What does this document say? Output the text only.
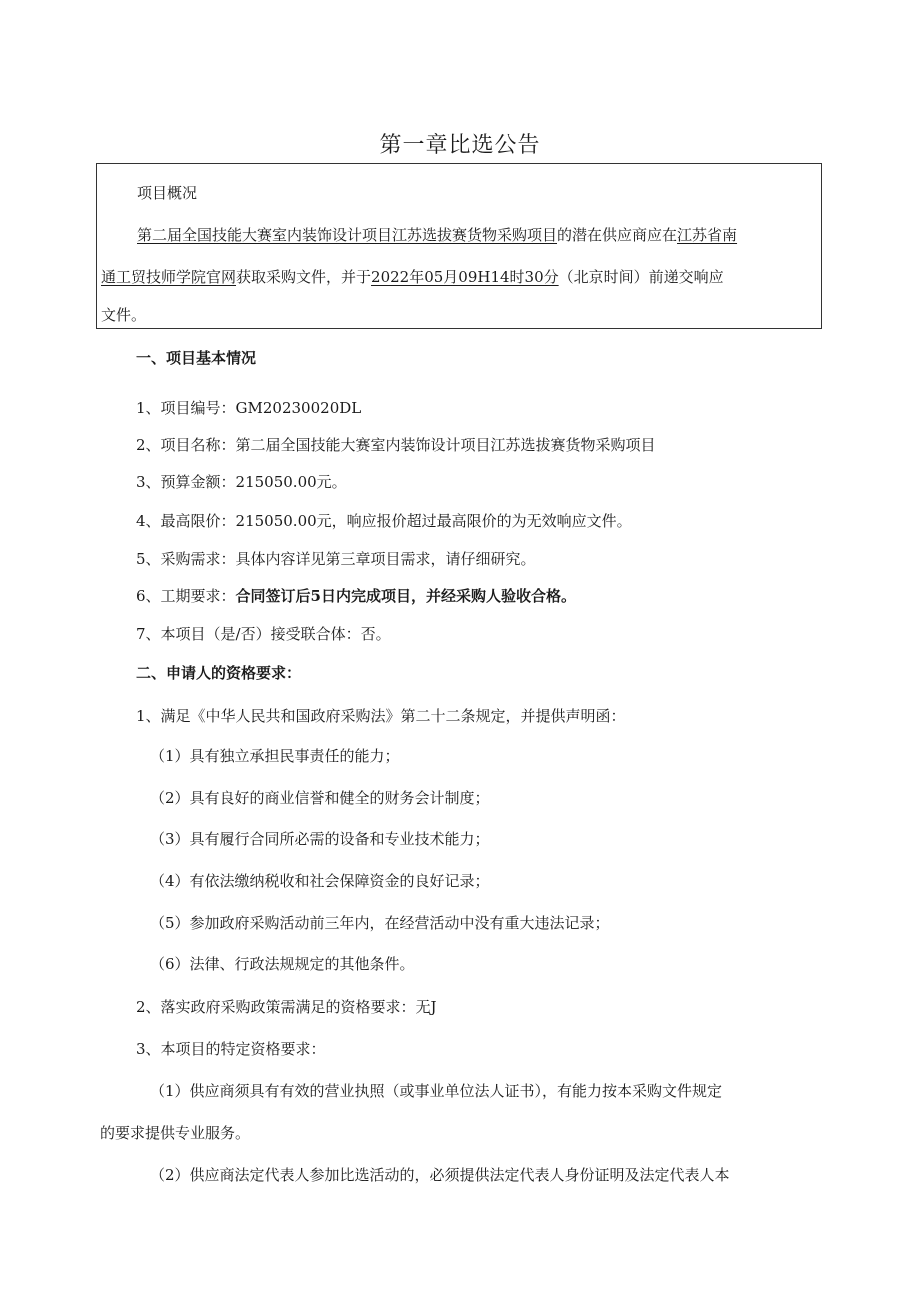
第一章比选公告
项目概况
第二届全国技能大赛室内装饰设计项目江苏选拔赛货物采购项目的潜在供应商应在江苏省南
通工贸技师学院官网获取采购文件，并于2022年05月09H14时30分（北京时间）前递交响应
文件。
一、项目基本情况
1、项目编号：GM20230020DL
2、项目名称：第二届全国技能大赛室内装饰设计项目江苏选拔赛货物采购项目
3、预算金额：215050.00元。
4、最高限价：215050.00元，响应报价超过最高限价的为无效响应文件。
5、采购需求：具体内容详见第三章项目需求，请仔细研究。
6、工期要求：合同签订后5日内完成项目，并经采购人验收合格。
7、本项目（是/否）接受联合体：否。
二、申请人的资格要求：
1、满足《中华人民共和国政府采购法》第二十二条规定，并提供声明函：
（1）具有独立承担民事责任的能力；
（2）具有良好的商业信誉和健全的财务会计制度；
（3）具有履行合同所必需的设备和专业技术能力；
（4）有依法缴纳税收和社会保障资金的良好记录；
（5）参加政府采购活动前三年内，在经营活动中没有重大违法记录；
（6）法律、行政法规规定的其他条件。
2、落实政府采购政策需满足的资格要求：无J
3、本项目的特定资格要求：
（1）供应商须具有有效的营业执照（或事业单位法人证书），有能力按本采购文件规定
的要求提供专业服务。
（2）供应商法定代表人参加比选活动的，必须提供法定代表人身份证明及法定代表人本
